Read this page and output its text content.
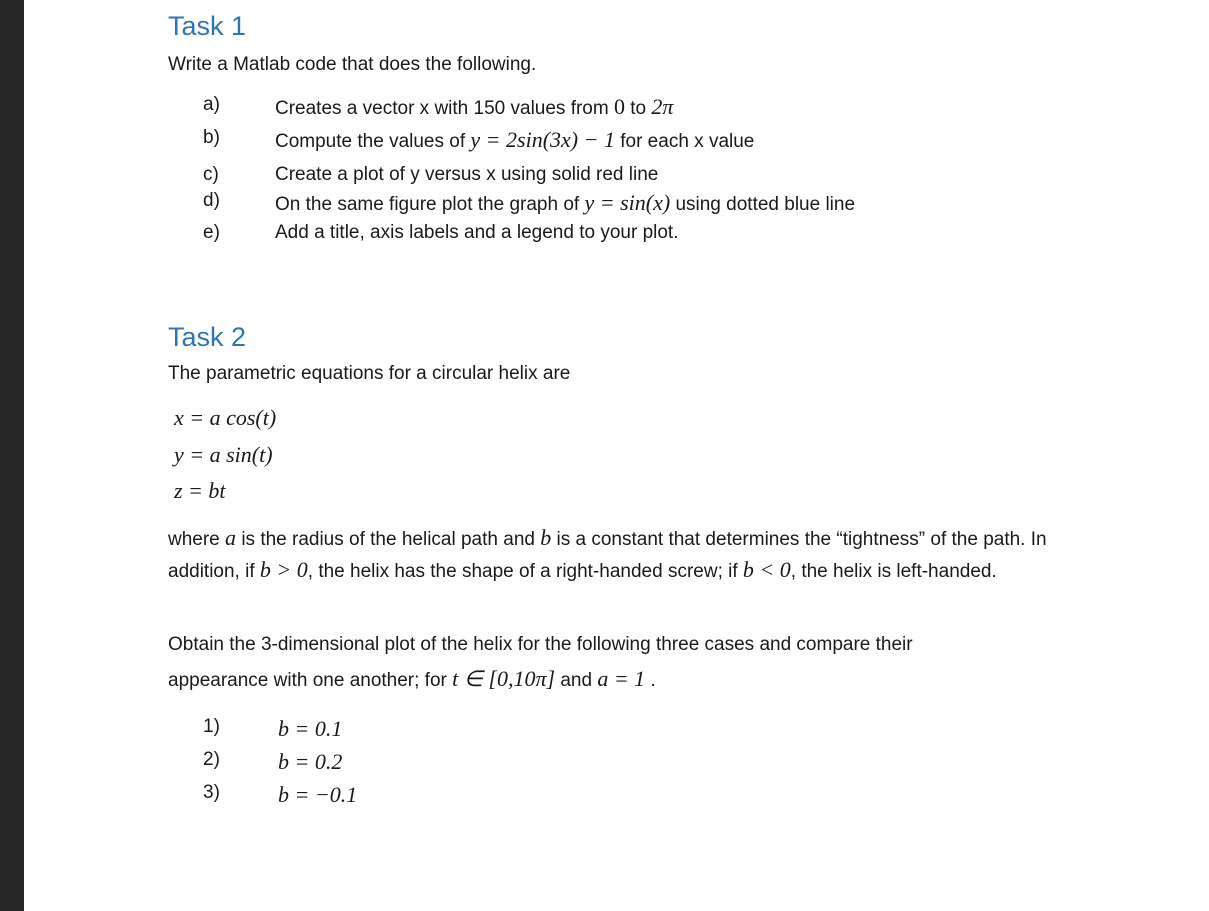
Task 1

Write a Matlab code that does the following.

a)	Creates a vector x with 150 values from 0 to 2π
b)	Compute the values of y = 2sin(3x) − 1 for each x value
c)	Create a plot of y versus x using solid red line
d)	On the same figure plot the graph of y = sin(x) using dotted blue line
e)	Add a title, axis labels and a legend to your plot.
Task 2

The parametric equations for a circular helix are

x = a cos(t)
y = a sin(t)
z = bt

where a is the radius of the helical path and b is a constant that determines the “tightness” of the path. In addition, if b > 0, the helix has the shape of a right-handed screw; if b < 0, the helix is left-handed.

Obtain the 3-dimensional plot of the helix for the following three cases and compare their appearance with one another; for t ∈ [0,10π] and a = 1 .

1)	b = 0.1
2)	b = 0.2
3)	b = −0.1
